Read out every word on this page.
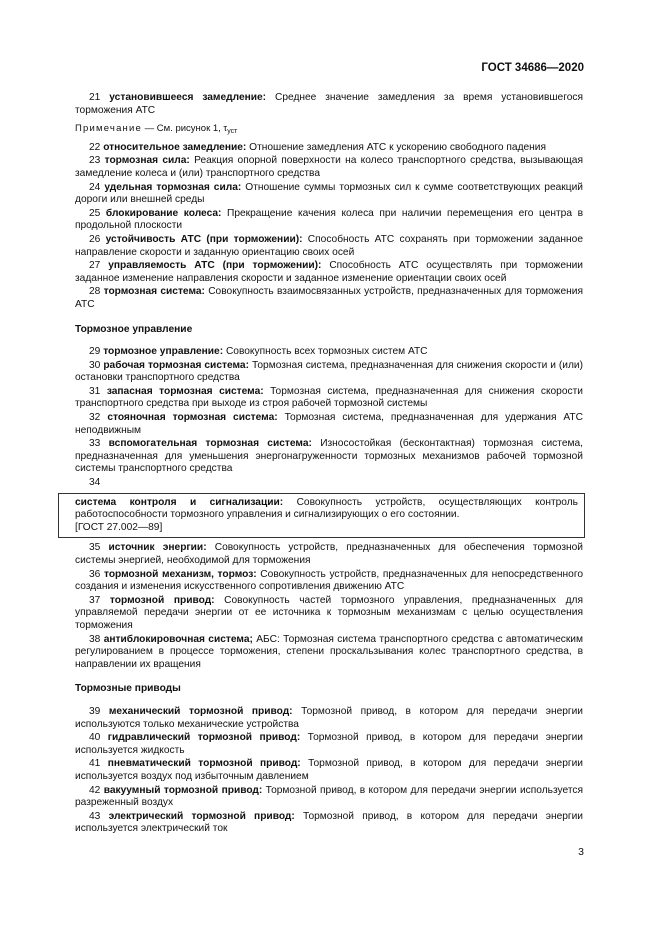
ГОСТ 34686—2020

21 установившееся замедление: Среднее значение замедления за время установившегося торможения АТС

Примечание — См. рисунок 1, $\tau_{уст}$

22 относительное замедление: Отношение замедления АТС к ускорению свободного падения

23 тормозная сила: Реакция опорной поверхности на колесо транспортного средства, вызывающая замедление колеса и (или) транспортного средства

24 удельная тормозная сила: Отношение суммы тормозных сил к сумме соответствующих реакций дороги или внешней среды

25 блокирование колеса: Прекращение качения колеса при наличии перемещения его центра в продольной плоскости

26 устойчивость АТС (при торможении): Способность АТС сохранять при торможении заданное направление скорости и заданную ориентацию своих осей

27 управляемость АТС (при торможении): Способность АТС осуществлять при торможении заданное изменение направления скорости и заданное изменение ориентации своих осей

28 тормозная система: Совокупность взаимосвязанных устройств, предназначенных для торможения АТС

Тормозное управление

29 тормозное управление: Совокупность всех тормозных систем АТС

30 рабочая тормозная система: Тормозная система, предназначенная для снижения скорости и (или) остановки транспортного средства

31 запасная тормозная система: Тормозная система, предназначенная для снижения скорости транспортного средства при выходе из строя рабочей тормозной системы

32 стояночная тормозная система: Тормозная система, предназначенная для удержания АТС неподвижным

33 вспомогательная тормозная система: Износостойкая (бесконтактная) тормозная система, предназначенная для уменьшения энергонагруженности тормозных механизмов рабочей тормозной системы транспортного средства

34

система контроля и сигнализации: Совокупность устройств, осуществляющих контроль работоспособности тормозного управления и сигнализирующих о его состоянии.

[ГОСТ 27.002—89]

35 источник энергии: Совокупность устройств, предназначенных для обеспечения тормозной системы энергией, необходимой для торможения

36 тормозной механизм, тормоз: Совокупность устройств, предназначенных для непосредственного создания и изменения искусственного сопротивления движению АТС

37 тормозной привод: Совокупность частей тормозного управления, предназначенных для управляемой передачи энергии от ее источника к тормозным механизмам с целью осуществления торможения

38 антиблокировочная система; АБС: Тормозная система транспортного средства с автоматическим регулированием в процессе торможения, степени проскальзывания колес транспортного средства, в направлении их вращения

Тормозные приводы

39 механический тормозной привод: Тормозной привод, в котором для передачи энергии используются только механические устройства

40 гидравлический тормозной привод: Тормозной привод, в котором для передачи энергии используется жидкость

41 пневматический тормозной привод: Тормозной привод, в котором для передачи энергии используется воздух под избыточным давлением

42 вакуумный тормозной привод: Тормозной привод, в котором для передачи энергии используется разреженный воздух

43 электрический тормозной привод: Тормозной привод, в котором для передачи энергии используется электрический ток

3
